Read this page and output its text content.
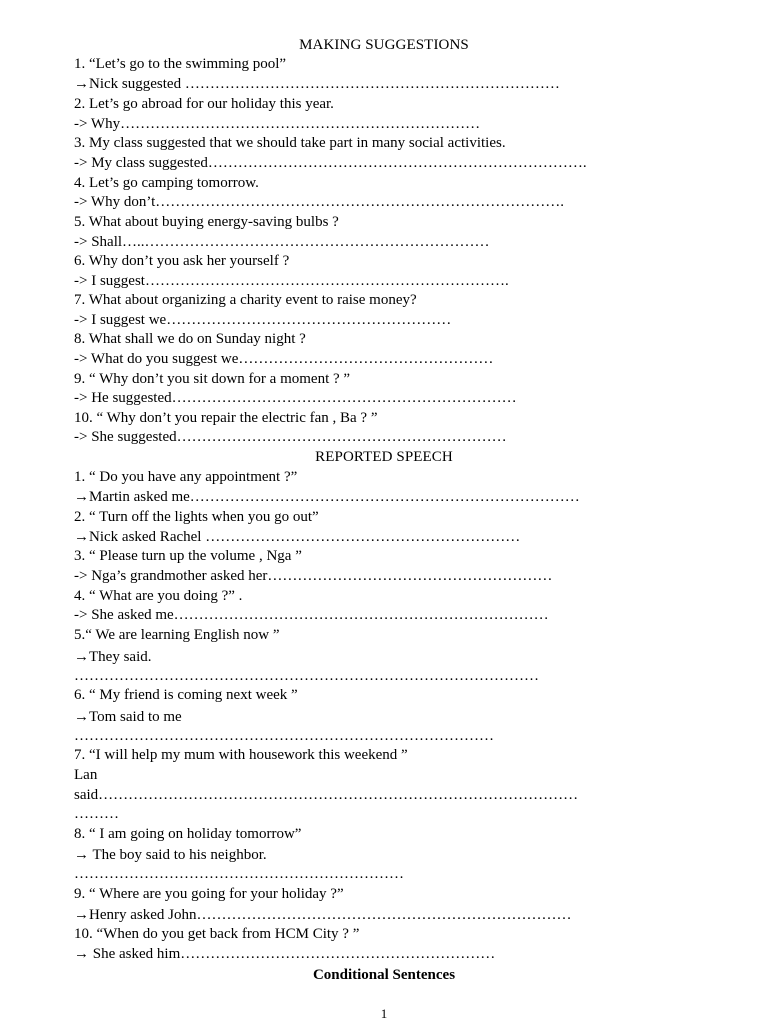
MAKING SUGGESTIONS
1. “Let’s go to the swimming pool”
→Nick suggested …………………………………………………………………
2. Let’s go abroad for our holiday this year.
-> Why………………………………………………………………
3. My class suggested that we should take part in many social activities.
-> My class suggested………………………………………………………………….
4. Let’s go camping tomorrow.
-> Why don’t……………………………………………………………………….
5. What about buying energy-saving bulbs ?
-> Shall…..……………………………………………………………
6. Why don’t you ask her yourself ?
-> I suggest……………………………………………………………….
7. What about organizing a charity event to raise money?
-> I suggest we…………………………………………………
8. What shall we do on Sunday night ?
-> What do you suggest we……………………………………………
9. “ Why don’t you sit down for a moment ? ”
-> He suggested……………………………………………………………
10. “ Why don’t you repair the electric fan , Ba ? ”
-> She suggested…………………………………………………………
REPORTED SPEECH
1. “ Do you have any appointment ?”
→Martin asked me……………………………………………………………………
2. “ Turn off the lights when you go out”
→Nick asked Rachel ………………………………………………………
3. “ Please turn up the volume , Nga ”
-> Nga’s grandmother asked her…………………………………………………
4. “ What are you doing ?” .
-> She asked me…………………………………………………………………
5.“ We are learning English now ”
→They said.
…………………………………………………………………………………
6. “ My friend is coming next week ”
→Tom said to me
…………………………………………………………………………
7. “I will help my mum with housework this weekend ”
Lan
said……………………………………………………………………………………
………
8. “ I am going on holiday tomorrow”
→ The boy said to his neighbor.
…………………………………………………………
9. “ Where are you going for your holiday ?”
→Henry asked John…………………………………………………………………
10. “When do you get back from HCM City ? ”
→ She asked him………………………………………………………
Conditional Sentences
1
